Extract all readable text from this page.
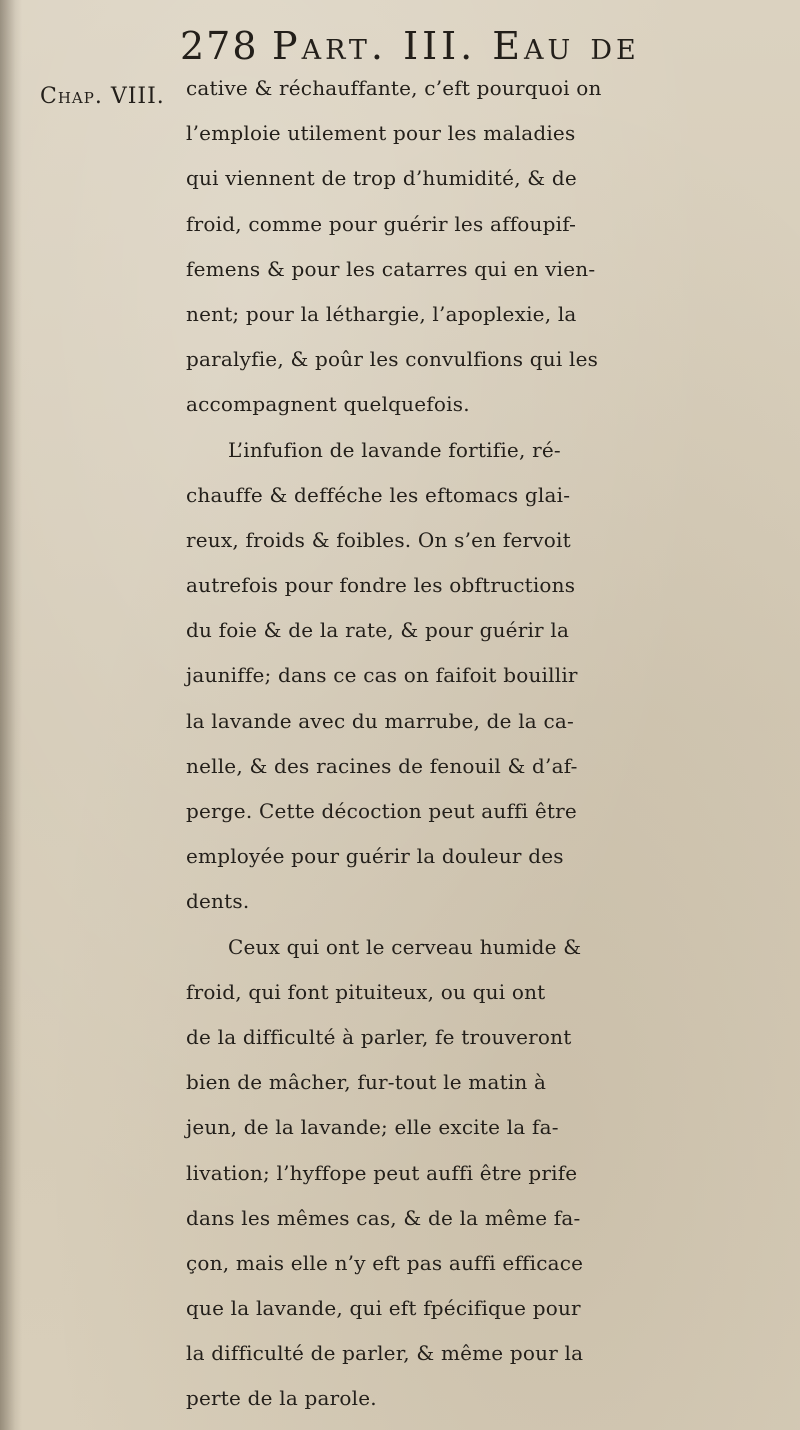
278 Part. III. Eau de
Chap. VIII. cative & réchauffante, c’eft pourquoi on
l’emploie utilement pour les maladies
qui viennent de trop d’humidité, & de
froid, comme pour guérir les affoupif-
femens & pour les catarres qui en vien-
nent; pour la léthargie, l’apoplexie, la
paralyfie, & poûr les convulfions qui les
accompagnent quelquefois.
L’infufion de lavande fortifie, ré-
chauffe & defféche les eftomacs glai-
reux, froids & foibles. On s’en fervoit
autrefois pour fondre les obftructions
du foie & de la rate, & pour guérir la
jauniffe; dans ce cas on faifoit bouillir
la lavande avec du marrube, de la ca-
nelle, & des racines de fenouil & d’af-
perge. Cette décoction peut auffi être
employée pour guérir la douleur des
dents.
Ceux qui ont le cerveau humide &
froid, qui font pituiteux, ou qui ont
de la difficulté à parler, fe trouveront
bien de mâcher, fur-tout le matin à
jeun, de la lavande; elle excite la fa-
livation; l’hyffope peut auffi être prife
dans les mêmes cas, & de la même fa-
çon, mais elle n’y eft pas auffi efficace
que la lavande, qui eft fpécifique pour
la difficulté de parler, & même pour la
perte de la parole.
